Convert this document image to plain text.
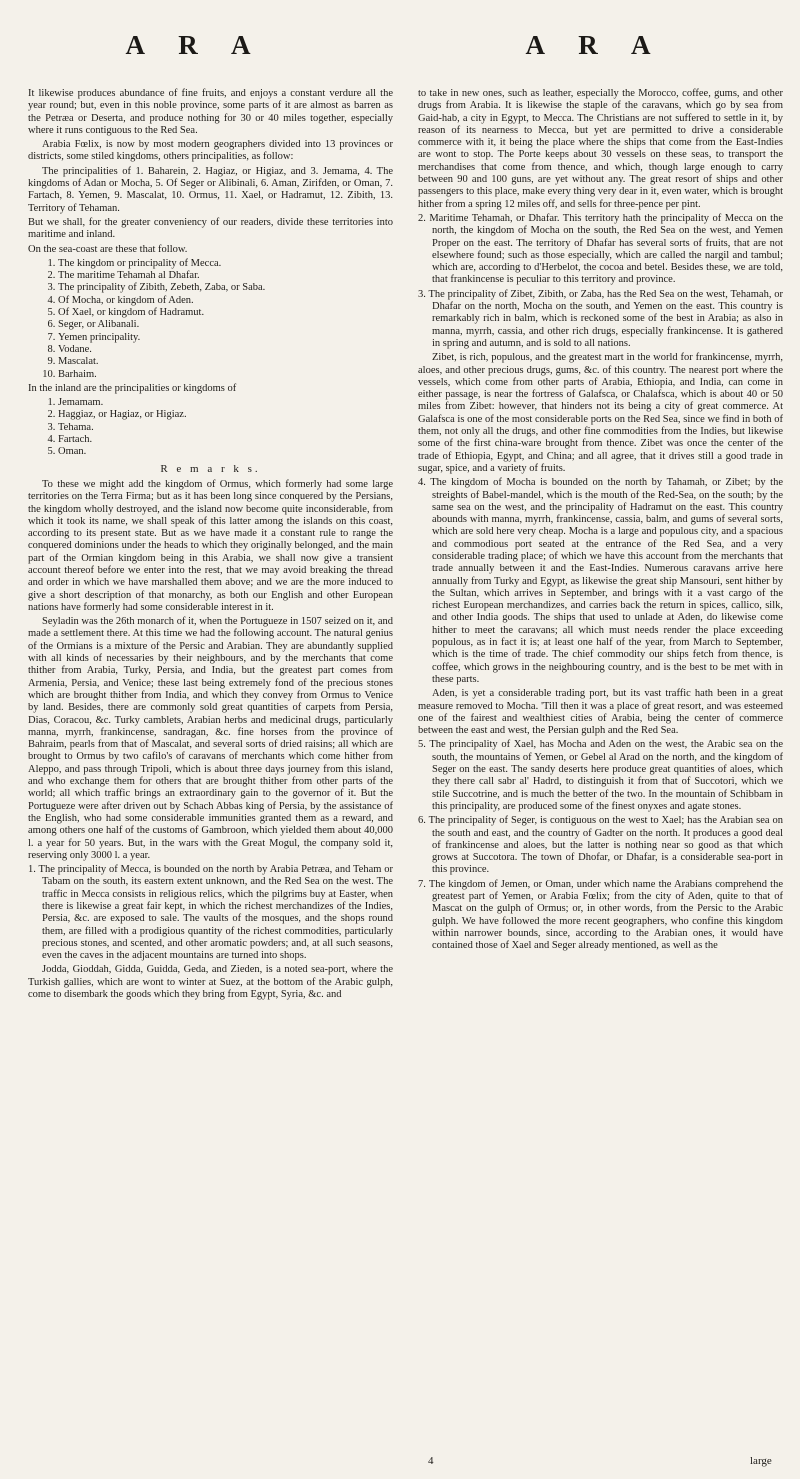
A R A	A R A

It likewise produces abundance of fine fruits, and enjoys a constant verdure all the year round; but, even in this noble province, some parts of it are almost as barren as the Petræa or Deserta, and produce nothing for 30 or 40 miles together, especially where it runs contiguous to the Red Sea.

Arabia Fœlix, is now by most modern geographers divided into 13 provinces or districts, some stiled kingdoms, others principalities, as follow:

The principalities of 1. Baharein, 2. Hagiaz, or Higiaz, and 3. Jemama, 4. The kingdoms of Adan or Mocha, 5. Of Seger or Alibinali, 6. Aman, Zirifden, or Oman, 7. Fartach, 8. Yemen, 9. Mascalat, 10. Ormus, 11. Xael, or Hadramut, 12. Zibith, 13. Territory of Tehaman.

But we shall, for the greater conveniency of our readers, divide these territories into maritime and inland.

On the sea-coast are these that follow.

1. The kingdom or principality of Mecca.
2. The maritime Tehamah al Dhafar.
3. The principality of Zibith, Zebeth, Zaba, or Saba.
4. Of Mocha, or kingdom of Aden.
5. Of Xael, or kingdom of Hadramut.
6. Seger, or Alibanali.
7. Yemen principality.
8. Vodane.
9. Mascalat.
10. Barhaim.

In the inland are the principalities or kingdoms of

1. Jemamam.
2. Haggiaz, or Hagiaz, or Higiaz.
3. Tehama.
4. Fartach.
5. Oman.
R e m a r k s.

To these we might add the kingdom of Ormus, which formerly had some large territories on the Terra Firma; but as it has been long since conquered by the Persians, the kingdom wholly destroyed, and the island now become quite inconsiderable, from which it took its name, we shall speak of this latter among the islands on this coast, according to its present state. But as we have made it a constant rule to range the conquered dominions under the heads to which they originally belonged, and the main part of the Ormian kingdom being in this Arabia, we shall now give a transient account thereof before we enter into the rest, that we may avoid breaking the thread and order in which we have marshalled them above; and we are the more induced to give a short description of that monarchy, as both our English and other European nations have formerly had some considerable interest in it.

Seyladin was the 26th monarch of it, when the Portugueze in 1507 seized on it, and made a settlement there. At this time we had the following account. The natural genius of the Ormians is a mixture of the Persic and Arabian. They are abundantly supplied with all kinds of necessaries by their neighbours, and by the merchants that come thither from Arabia, Turky, Persia, and India, but the greatest part comes from Armenia, Persia, and Venice; these last being extremely fond of the precious stones which are brought thither from India, and which they convey from Ormus to Venice by land. Besides, there are commonly sold great quantities of carpets from Persia, Dias, Coracou, &c. Turky camblets, Arabian herbs and medicinal drugs, particularly manna, myrrh, frankincense, sandragan, &c. fine horses from the province of Bahraim, pearls from that of Mascalat, and several sorts of dried raisins; all which are brought to Ormus by two cafilo's of caravans of merchants which come hither from Aleppo, and pass through Tripoli, which is about three days journey from this island, and who exchange them for others that are brought thither from other parts of the world; all which traffic brings an extraordinary gain to the governor of it. But the Portugueze were after driven out by Schach Abbas king of Persia, by the assistance of the English, who had some considerable immunities granted them as a reward, and among others one half of the customs of Gambroon, which yielded them about 40,000 l. a year for 50 years. But, in the wars with the Great Mogul, the company sold it, reserving only 3000 l. a year.

1. The principality of Mecca, is bounded on the north by Arabia Petræa, and Teham or Tabam on the south, its eastern extent unknown, and the Red Sea on the west. The traffic in Mecca consists in religious relics, which the pilgrims buy at Easter, when there is likewise a great fair kept, in which the richest merchandizes of the Indies, Persia, &c. are exposed to sale. The vaults of the mosques, and the shops round them, are filled with a prodigious quantity of the richest commodities, particularly precious stones, and scented, and other aromatic powders; and, at all such seasons, even the caves in the adjacent mountains are turned into shops.

Jodda, Gioddah, Gidda, Guidda, Geda, and Zieden, is a noted sea-port, where the Turkish gallies, which are wont to winter at Suez, at the bottom of the Arabic gulph, come to disembark the goods which they bring from Egypt, Syria, &c. and

to take in new ones, such as leather, especially the Morocco, coffee, gums, and other drugs from Arabia. It is likewise the staple of the caravans, which go by sea from Gaid-hab, a city in Egypt, to Mecca. The Christians are not suffered to settle in it, by reason of its nearness to Mecca, but yet are permitted to drive a considerable commerce with it, it being the place where the ships that come from the East-Indies are wont to stop. The Porte keeps about 30 vessels on these seas, to transport the merchandises that come from thence, and which, though large enough to carry between 90 and 100 guns, are yet without any. The great resort of ships and other passengers to this place, make every thing very dear in it, even water, which is brought hither from a spring 12 miles off, and sells for three-pence per pint.

2. Maritime Tehamah, or Dhafar. This territory hath the principality of Mecca on the north, the kingdom of Mocha on the south, the Red Sea on the west, and Yemen Proper on the east. The territory of Dhafar has several sorts of fruits, that are not elsewhere found; such as those especially, which are called the nargil and tambul; which are, according to d'Herbelot, the cocoa and betel. Besides these, we are told, that frankincense is peculiar to this territory and province.

3. The principality of Zibet, Zibith, or Zaba, has the Red Sea on the west, Tehamah, or Dhafar on the north, Mocha on the south, and Yemen on the east. This country is remarkably rich in balm, which is reckoned some of the best in Arabia; as also in manna, myrrh, cassia, and other rich drugs, especially frankincense. It is gathered in spring and autumn, and is sold to all nations.

Zibet, is rich, populous, and the greatest mart in the world for frankincense, myrrh, aloes, and other precious drugs, gums, &c. of this country. The nearest port where the vessels, which come from other parts of Arabia, Ethiopia, and India, can come in either passage, is near the fortress of Galafsca, or Chalafsca, which is about 40 or 50 miles from Zibet: however, that hinders not its being a city of great commerce. At Galafsca is one of the most considerable ports on the Red Sea, since we find in both of them, not only all the drugs, and other fine commodities from the Indies, but likewise some of the first china-ware brought from thence. Zibet was once the center of the trade of Ethiopia, Egypt, and China; and all agree, that it drives still a good trade in sugar, spice, and a variety of fruits.

4. The kingdom of Mocha is bounded on the north by Tahamah, or Zibet; by the streights of Babel-mandel, which is the mouth of the Red-Sea, on the south; by the same sea on the west, and the principality of Hadramut on the east. This country abounds with manna, myrrh, frankincense, cassia, balm, and gums of several sorts, which are sold here very cheap. Mocha is a large and populous city, and a spacious and commodious port seated at the entrance of the Red Sea, and a very considerable trading place; of which we have this account from the merchants that trade annually between it and the East-Indies. Numerous caravans arrive here annually from Turky and Egypt, as likewise the great ship Mansouri, sent hither by the Sultan, which arrives in September, and brings with it a vast cargo of the richest European merchandizes, and carries back the return in spices, callico, silk, and other India goods. The ships that used to unlade at Aden, do likewise come hither to meet the caravans; all which must needs render the place exceeding populous, as in fact it is; at least one half of the year, from March to September, which is the time of trade. The chief commodity our ships fetch from thence, is coffee, which grows in the neighbouring country, and is the best to be met with in these parts.

Aden, is yet a considerable trading port, but its vast traffic hath been in a great measure removed to Mocha. 'Till then it was a place of great resort, and was esteemed one of the fairest and wealthiest cities of Arabia, being the center of commerce between the east and west, the Persian gulph and the Red Sea.

5. The principality of Xael, has Mocha and Aden on the west, the Arabic sea on the south, the mountains of Yemen, or Gebel al Arad on the north, and the kingdom of Seger on the east. The sandy deserts here produce great quantities of aloes, which they there call sabr al' Hadrd, to distinguish it from that of Succotori, which we stile Succotrine, and is much the better of the two. In the mountain of Schibbam in this principality, are produced some of the finest onyxes and agate stones.

6. The principality of Seger, is contiguous on the west to Xael; has the Arabian sea on the south and east, and the country of Gadter on the north. It produces a good deal of frankincense and aloes, but the latter is nothing near so good as that which grows at Succotora. The town of Dhofar, or Dhafar, is a considerable sea-port in this province.

7. The kingdom of Jemen, or Oman, under which name the Arabians comprehend the greatest part of Yemen, or Arabia Fœlix; from the city of Aden, quite to that of Mascat on the gulph of Ormus; or, in other words, from the Persic to the Arabic gulph. We have followed the more recent geographers, who confine this kingdom within narrower bounds, since, according to the Arabian ones, it would have contained those of Xael and Seger already mentioned, as well as the

4	large
